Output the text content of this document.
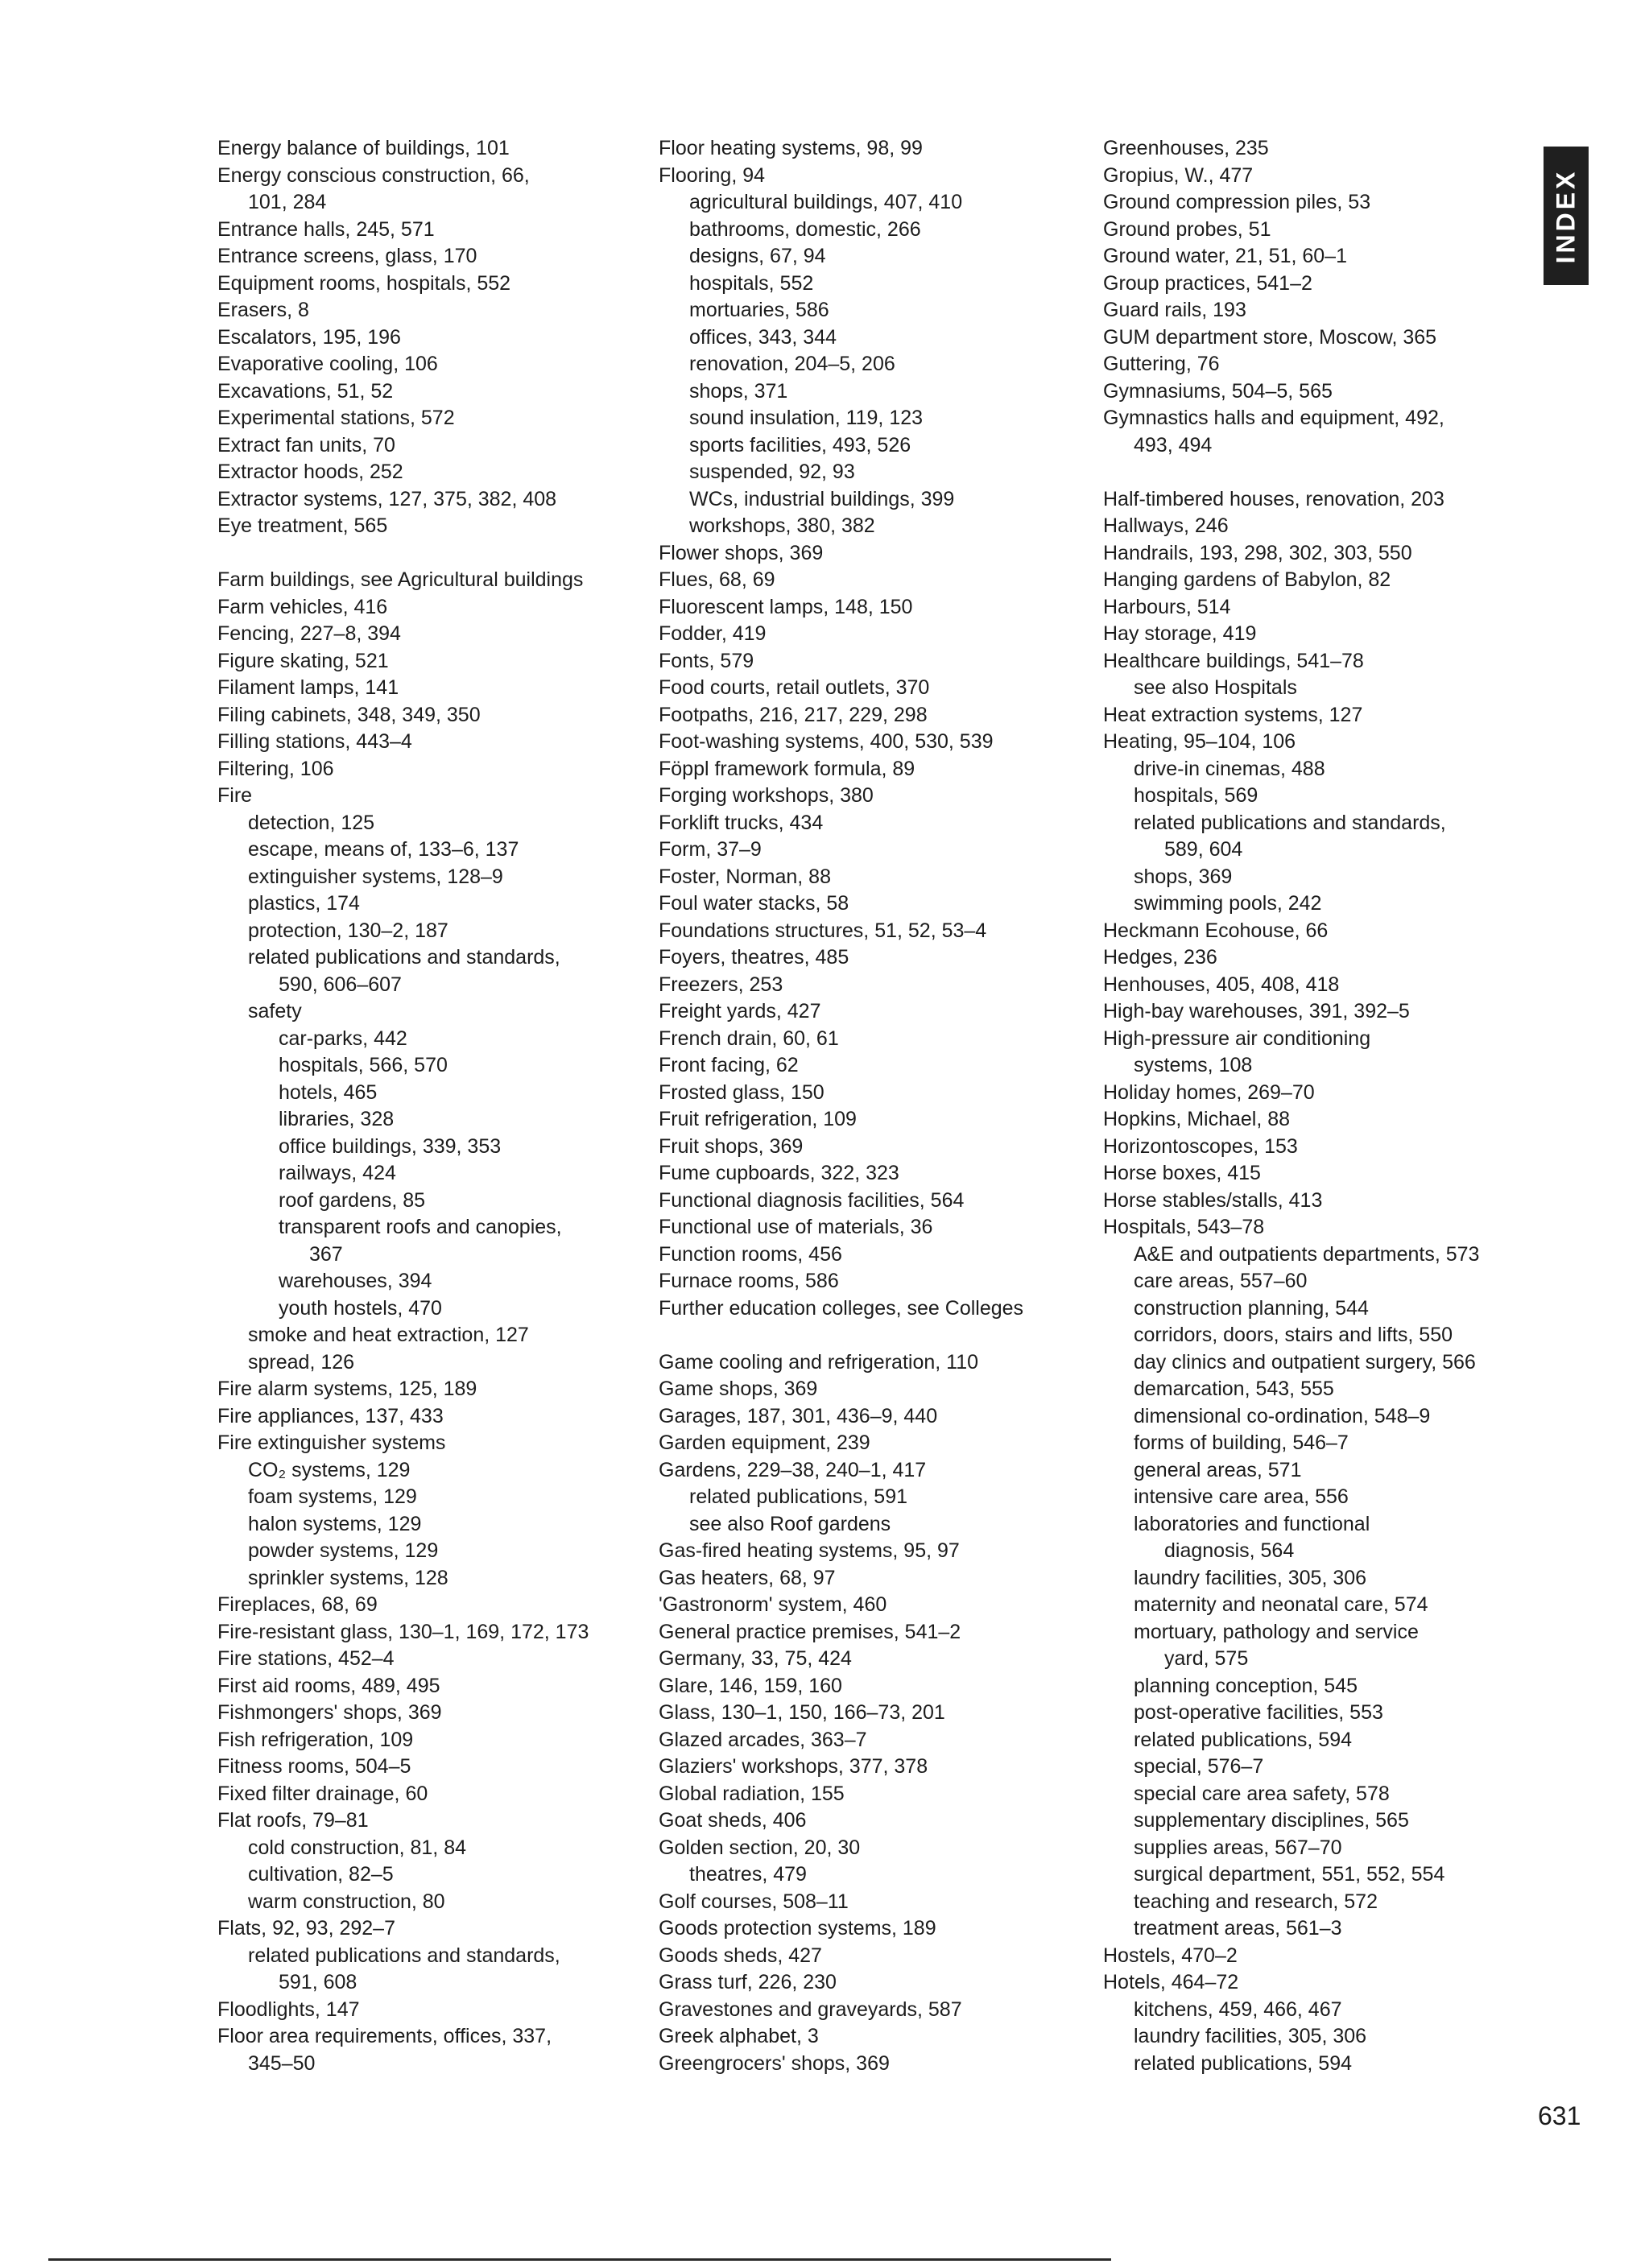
Energy balance of buildings, 101
Energy conscious construction, 66,
101, 284
Entrance halls, 245, 571
Entrance screens, glass, 170
Equipment rooms, hospitals, 552
Erasers, 8
Escalators, 195, 196
Evaporative cooling, 106
Excavations, 51, 52
Experimental stations, 572
Extract fan units, 70
Extractor hoods, 252
Extractor systems, 127, 375, 382, 408
Eye treatment, 565
Farm buildings, see Agricultural buildings
Farm vehicles, 416
Fencing, 227–8, 394
Figure skating, 521
Filament lamps, 141
Filing cabinets, 348, 349, 350
Filling stations, 443–4
Filtering, 106
Fire
detection, 125
escape, means of, 133–6, 137
extinguisher systems, 128–9
plastics, 174
protection, 130–2, 187
related publications and standards,
590, 606–607
safety
car-parks, 442
hospitals, 566, 570
hotels, 465
libraries, 328
office buildings, 339, 353
railways, 424
roof gardens, 85
transparent roofs and canopies,
367
warehouses, 394
youth hostels, 470
smoke and heat extraction, 127
spread, 126
Fire alarm systems, 125, 189
Fire appliances, 137, 433
Fire extinguisher systems
CO₂ systems, 129
foam systems, 129
halon systems, 129
powder systems, 129
sprinkler systems, 128
Fireplaces, 68, 69
Fire-resistant glass, 130–1, 169, 172, 173
Fire stations, 452–4
First aid rooms, 489, 495
Fishmongers' shops, 369
Fish refrigeration, 109
Fitness rooms, 504–5
Fixed filter drainage, 60
Flat roofs, 79–81
cold construction, 81, 84
cultivation, 82–5
warm construction, 80
Flats, 92, 93, 292–7
related publications and standards,
591, 608
Floodlights, 147
Floor area requirements, offices, 337,
345–50
Floor heating systems, 98, 99
Flooring, 94
agricultural buildings, 407, 410
bathrooms, domestic, 266
designs, 67, 94
hospitals, 552
mortuaries, 586
offices, 343, 344
renovation, 204–5, 206
shops, 371
sound insulation, 119, 123
sports facilities, 493, 526
suspended, 92, 93
WCs, industrial buildings, 399
workshops, 380, 382
Flower shops, 369
Flues, 68, 69
Fluorescent lamps, 148, 150
Fodder, 419
Fonts, 579
Food courts, retail outlets, 370
Footpaths, 216, 217, 229, 298
Foot-washing systems, 400, 530, 539
Föppl framework formula, 89
Forging workshops, 380
Forklift trucks, 434
Form, 37–9
Foster, Norman, 88
Foul water stacks, 58
Foundations structures, 51, 52, 53–4
Foyers, theatres, 485
Freezers, 253
Freight yards, 427
French drain, 60, 61
Front facing, 62
Frosted glass, 150
Fruit refrigeration, 109
Fruit shops, 369
Fume cupboards, 322, 323
Functional diagnosis facilities, 564
Functional use of materials, 36
Function rooms, 456
Furnace rooms, 586
Further education colleges, see Colleges
Game cooling and refrigeration, 110
Game shops, 369
Garages, 187, 301, 436–9, 440
Garden equipment, 239
Gardens, 229–38, 240–1, 417
related publications, 591
see also Roof gardens
Gas-fired heating systems, 95, 97
Gas heaters, 68, 97
'Gastronorm' system, 460
General practice premises, 541–2
Germany, 33, 75, 424
Glare, 146, 159, 160
Glass, 130–1, 150, 166–73, 201
Glazed arcades, 363–7
Glaziers' workshops, 377, 378
Global radiation, 155
Goat sheds, 406
Golden section, 20, 30
theatres, 479
Golf courses, 508–11
Goods protection systems, 189
Goods sheds, 427
Grass turf, 226, 230
Gravestones and graveyards, 587
Greek alphabet, 3
Greengrocers' shops, 369
Greenhouses, 235
Gropius, W., 477
Ground compression piles, 53
Ground probes, 51
Ground water, 21, 51, 60–1
Group practices, 541–2
Guard rails, 193
GUM department store, Moscow, 365
Guttering, 76
Gymnasiums, 504–5, 565
Gymnastics halls and equipment, 492,
493, 494
Half-timbered houses, renovation, 203
Hallways, 246
Handrails, 193, 298, 302, 303, 550
Hanging gardens of Babylon, 82
Harbours, 514
Hay storage, 419
Healthcare buildings, 541–78
see also Hospitals
Heat extraction systems, 127
Heating, 95–104, 106
drive-in cinemas, 488
hospitals, 569
related publications and standards,
589, 604
shops, 369
swimming pools, 242
Heckmann Ecohouse, 66
Hedges, 236
Henhouses, 405, 408, 418
High-bay warehouses, 391, 392–5
High-pressure air conditioning
systems, 108
Holiday homes, 269–70
Hopkins, Michael, 88
Horizontoscopes, 153
Horse boxes, 415
Horse stables/stalls, 413
Hospitals, 543–78
A&E and outpatients departments, 573
care areas, 557–60
construction planning, 544
corridors, doors, stairs and lifts, 550
day clinics and outpatient surgery, 566
demarcation, 543, 555
dimensional co-ordination, 548–9
forms of building, 546–7
general areas, 571
intensive care area, 556
laboratories and functional
diagnosis, 564
laundry facilities, 305, 306
maternity and neonatal care, 574
mortuary, pathology and service
yard, 575
planning conception, 545
post-operative facilities, 553
related publications, 594
special, 576–7
special care area safety, 578
supplementary disciplines, 565
supplies areas, 567–70
surgical department, 551, 552, 554
teaching and research, 572
treatment areas, 561–3
Hostels, 470–2
Hotels, 464–72
kitchens, 459, 466, 467
laundry facilities, 305, 306
related publications, 594
INDEX
631
